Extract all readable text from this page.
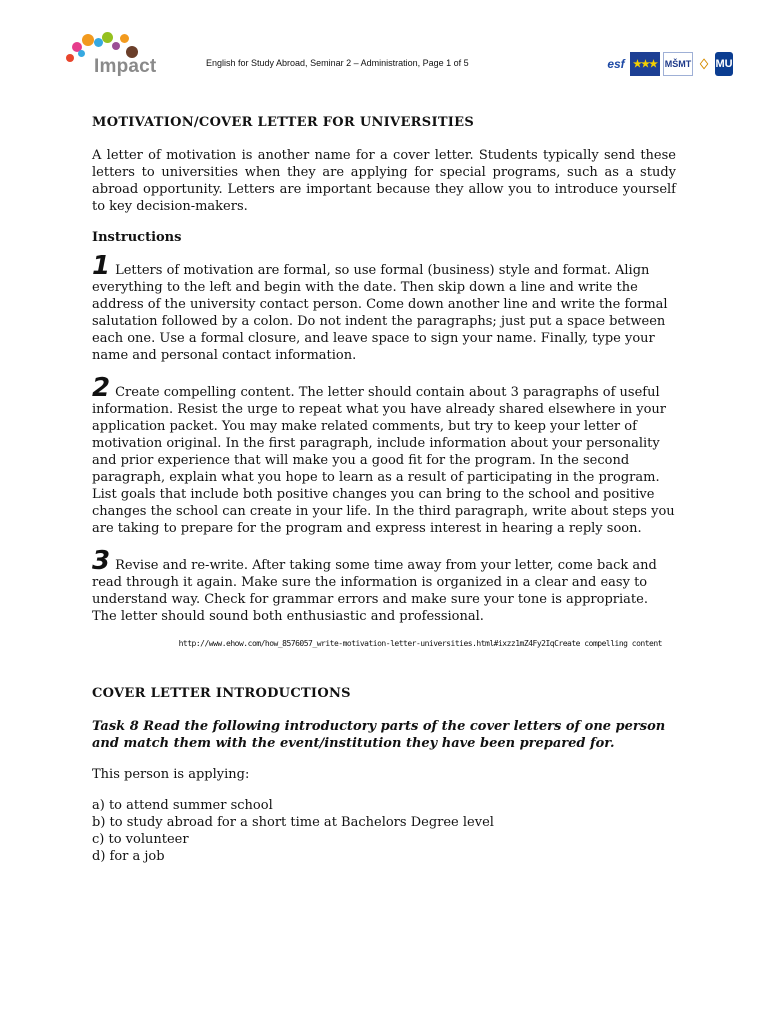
Impact	English for Study Abroad, Seminar 2 – Administration, Page 1 of 5	esf ★★★ MŠMT ♢ MU
MOTIVATION/COVER LETTER FOR UNIVERSITIES

A letter of motivation is another name for a cover letter. Students typically send these letters to universities when they are applying for special programs, such as a study abroad opportunity. Letters are important because they allow you to introduce yourself to key decision-makers.

Instructions

1 Letters of motivation are formal, so use formal (business) style and format. Align everything to the left and begin with the date. Then skip down a line and write the address of the university contact person. Come down another line and write the formal salutation followed by a colon. Do not indent the paragraphs; just put a space between each one. Use a formal closure, and leave space to sign your name. Finally, type your name and personal contact information.

2 Create compelling content. The letter should contain about 3 paragraphs of useful information. Resist the urge to repeat what you have already shared elsewhere in your application packet. You may make related comments, but try to keep your letter of motivation original. In the first paragraph, include information about your personality and prior experience that will make you a good fit for the program. In the second paragraph, explain what you hope to learn as a result of participating in the program. List goals that include both positive changes you can bring to the school and positive changes the school can create in your life. In the third paragraph, write about steps you are taking to prepare for the program and express interest in hearing a reply soon.

3 Revise and re-write. After taking some time away from your letter, come back and read through it again. Make sure the information is organized in a clear and easy to understand way. Check for grammar errors and make sure your tone is appropriate. The letter should sound both enthusiastic and professional.

http://www.ehow.com/how_8576057_write-motivation-letter-universities.html#ixzz1mZ4Fy2IqCreate compelling content
COVER LETTER INTRODUCTIONS

Task 8 Read the following introductory parts of the cover letters of one person and match them with the event/institution they have been prepared for.

This person is applying:

a) to attend summer school
b) to study abroad for a short time at Bachelors Degree level
c) to volunteer
d) for a job
